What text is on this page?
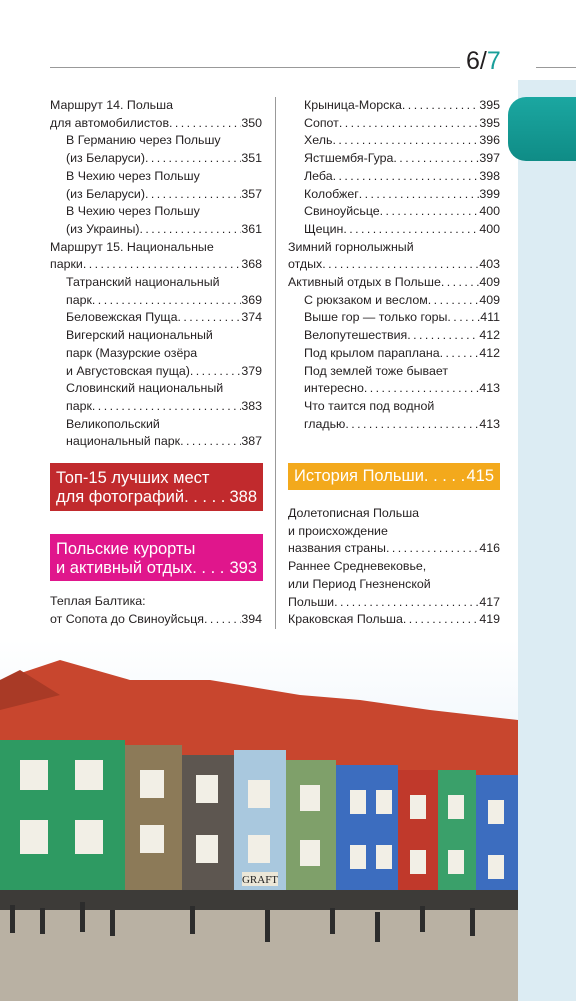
6/7
Маршрут 14. Польша
для автомобилистов . . .	350
В Германию через Польшу
(из Беларуси) . . .	351
В Чехию через Польшу
(из Беларуси) . . .	357
В Чехию через Польшу
(из Украины) . . .	361
Маршрут 15. Национальные
парки . . .	368
Татранский национальный
парк . . .	369
Беловежская Пуща . . .	374
Вигерский национальный
парк (Мазурские озёра
и Августовская пуща) . . .	379
Словинский национальный
парк . . .	383
Великопольский
национальный парк . . .	387
Топ-15 лучших мест
для фотографий . . .	388
Польские курорты
и активный отдых . . . 393
Теплая Балтика:
от Сопота до Свиноуйсьця . . .	394
Крыница-Морска . . .	395
Сопот . . .	395
Хель . . .	396
Ястшембя-Гура . . .	397
Леба . . .	398
Колобжег . . .	399
Свиноуйсьце . . .	400
Щецин . . .	400
Зимний горнолыжный
отдых . . .	403
Активный отдых в Польше . . .	409
С рюкзаком и веслом . . .	409
Выше гор — только горы . . .	411
Велопутешествия . . .	412
Под крылом параплана . . .	412
Под землей тоже бывает
интересно . . .	413
Что таится под водной
гладью . . .	413
История Польши . . .	415
Долетописная Польша
и происхождение
названия страны . . .	416
Раннее Средневековье,
или Период Гнезненской
Польши . . .	417
Краковская Польша . . .	419
GRAFT
